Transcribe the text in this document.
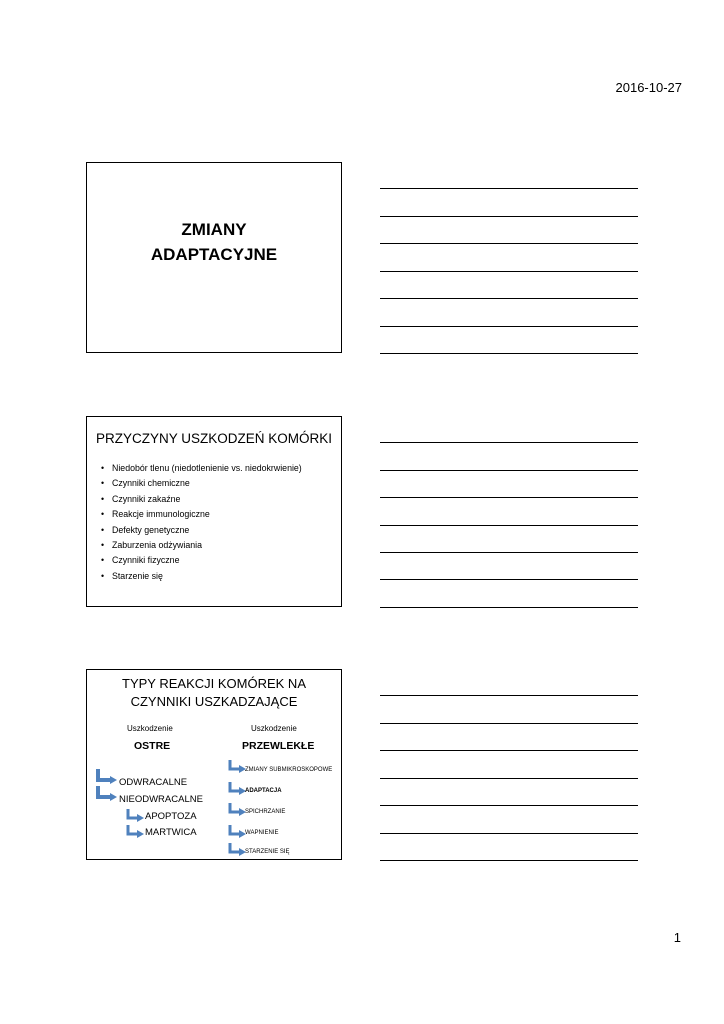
2016-10-27
ZMIANY
ADAPTACYJNE
PRZYCZYNY USZKODZEŃ KOMÓRKI
• Niedobór tlenu (niedotlenienie vs. niedokrwienie)
• Czynniki chemiczne
• Czynniki zakaźne
• Reakcje immunologiczne
• Defekty genetyczne
• Zaburzenia odżywiania
• Czynniki fizyczne
• Starzenie się
TYPY REAKCJI KOMÓREK NA
CZYNNIKI USZKADZAJĄCE
Uszkodzenie
OSTRE
Uszkodzenie
PRZEWLEKŁE
ODWRACALNE
NIEODWRACALNE
APOPTOZA
MARTWICA
ZMIANY SUBMIKROSKOPOWE
ADAPTACJA
SPICHRZANIE
WAPNIENIE
STARZENIE SIĘ
1
